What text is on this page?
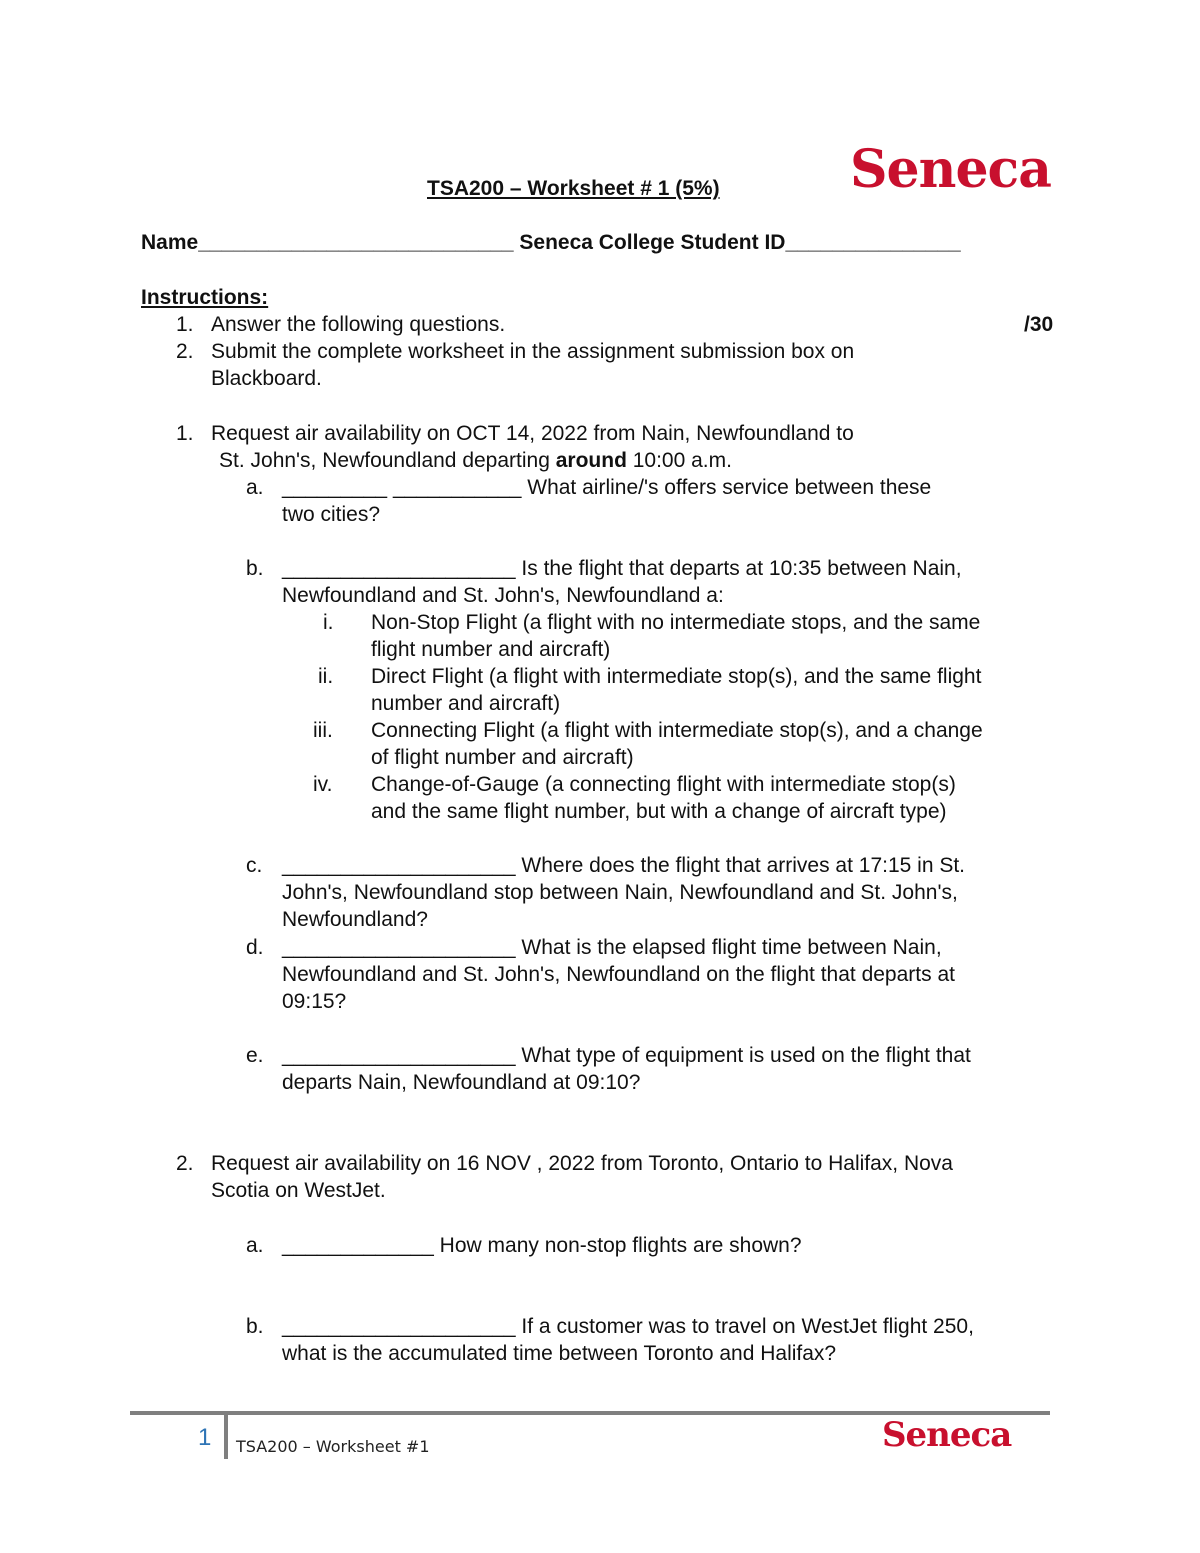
Seneca
TSA200 – Worksheet # 1 (5%)
Name___________________________ Seneca College Student ID_______________
Instructions:
1. Answer the following questions.	/30
2. Submit the complete worksheet in the assignment submission box on
Blackboard.
1. Request air availability on OCT 14, 2022 from Nain, Newfoundland to
St. John's, Newfoundland departing around 10:00 a.m.
a. _________ ___________ What airline/'s offers service between these
two cities?
b. ____________________ Is the flight that departs at 10:35 between Nain,
Newfoundland and St. John's, Newfoundland a:
i. Non-Stop Flight (a flight with no intermediate stops, and the same
flight number and aircraft)
ii. Direct Flight (a flight with intermediate stop(s), and the same flight
number and aircraft)
iii. Connecting Flight (a flight with intermediate stop(s), and a change
of flight number and aircraft)
iv. Change-of-Gauge (a connecting flight with intermediate stop(s)
and the same flight number, but with a change of aircraft type)
c. ____________________ Where does the flight that arrives at 17:15 in St.
John's, Newfoundland stop between Nain, Newfoundland and St. John's,
Newfoundland?
d. ____________________ What is the elapsed flight time between Nain,
Newfoundland and St. John's, Newfoundland on the flight that departs at
09:15?
e. ____________________ What type of equipment is used on the flight that
departs Nain, Newfoundland at 09:10?
2. Request air availability on 16 NOV , 2022 from Toronto, Ontario to Halifax, Nova
Scotia on WestJet.
a. _____________ How many non-stop flights are shown?
b. ____________________ If a customer was to travel on WestJet flight 250,
what is the accumulated time between Toronto and Halifax?
1 TSA200 – Worksheet #1	Seneca
